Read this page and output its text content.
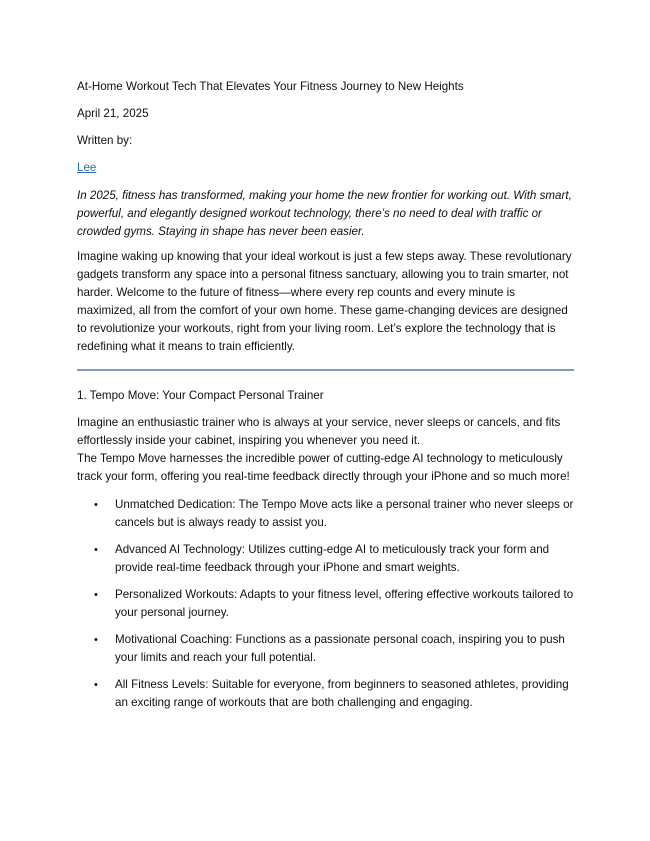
At-Home Workout Tech That Elevates Your Fitness Journey to New Heights
April 21, 2025
Written by:
Lee
In 2025, fitness has transformed, making your home the new frontier for working out. With smart, powerful, and elegantly designed workout technology, there’s no need to deal with traffic or crowded gyms. Staying in shape has never been easier.
Imagine waking up knowing that your ideal workout is just a few steps away. These revolutionary gadgets transform any space into a personal fitness sanctuary, allowing you to train smarter, not harder. Welcome to the future of fitness—where every rep counts and every minute is maximized, all from the comfort of your own home. These game-changing devices are designed to revolutionize your workouts, right from your living room. Let’s explore the technology that is redefining what it means to train efficiently.
1. Tempo Move: Your Compact Personal Trainer
Imagine an enthusiastic trainer who is always at your service, never sleeps or cancels, and fits effortlessly inside your cabinet, inspiring you whenever you need it.
The Tempo Move harnesses the incredible power of cutting-edge AI technology to meticulously track your form, offering you real-time feedback directly through your iPhone and so much more!
• Unmatched Dedication: The Tempo Move acts like a personal trainer who never sleeps or cancels but is always ready to assist you.
• Advanced AI Technology: Utilizes cutting-edge AI to meticulously track your form and provide real-time feedback through your iPhone and smart weights.
• Personalized Workouts: Adapts to your fitness level, offering effective workouts tailored to your personal journey.
• Motivational Coaching: Functions as a passionate personal coach, inspiring you to push your limits and reach your full potential.
• All Fitness Levels: Suitable for everyone, from beginners to seasoned athletes, providing an exciting range of workouts that are both challenging and engaging.
